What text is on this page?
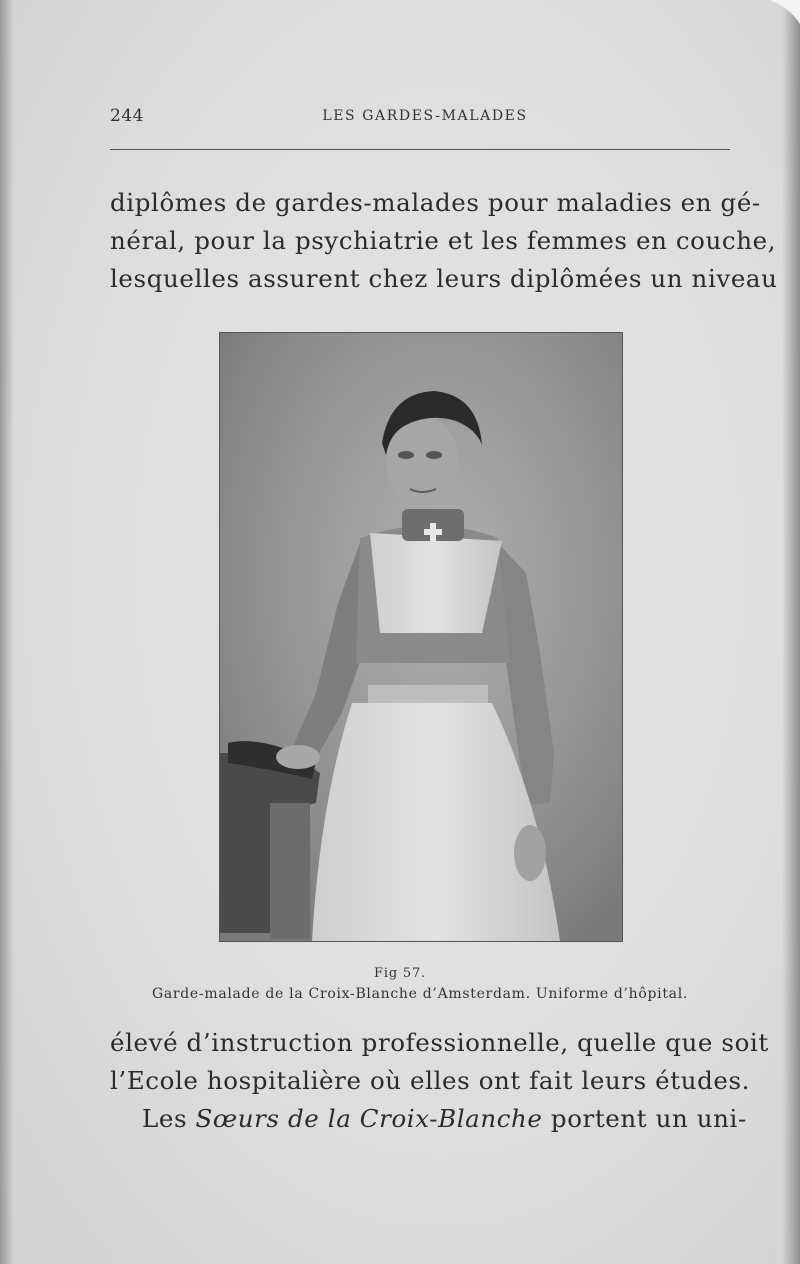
244	LES GARDES-MALADES

diplômes de gardes-malades pour maladies en gé-
néral, pour la psychiatrie et les femmes en couche,
lesquelles assurent chez leurs diplômées un niveau

Fig 57.
Garde-malade de la Croix-Blanche d’Amsterdam. Uniforme d’hôpital.

élevé d’instruction professionnelle, quelle que soit
l’Ecole hospitalière où elles ont fait leurs études.

Les Sœurs de la Croix-Blanche portent un uni-
